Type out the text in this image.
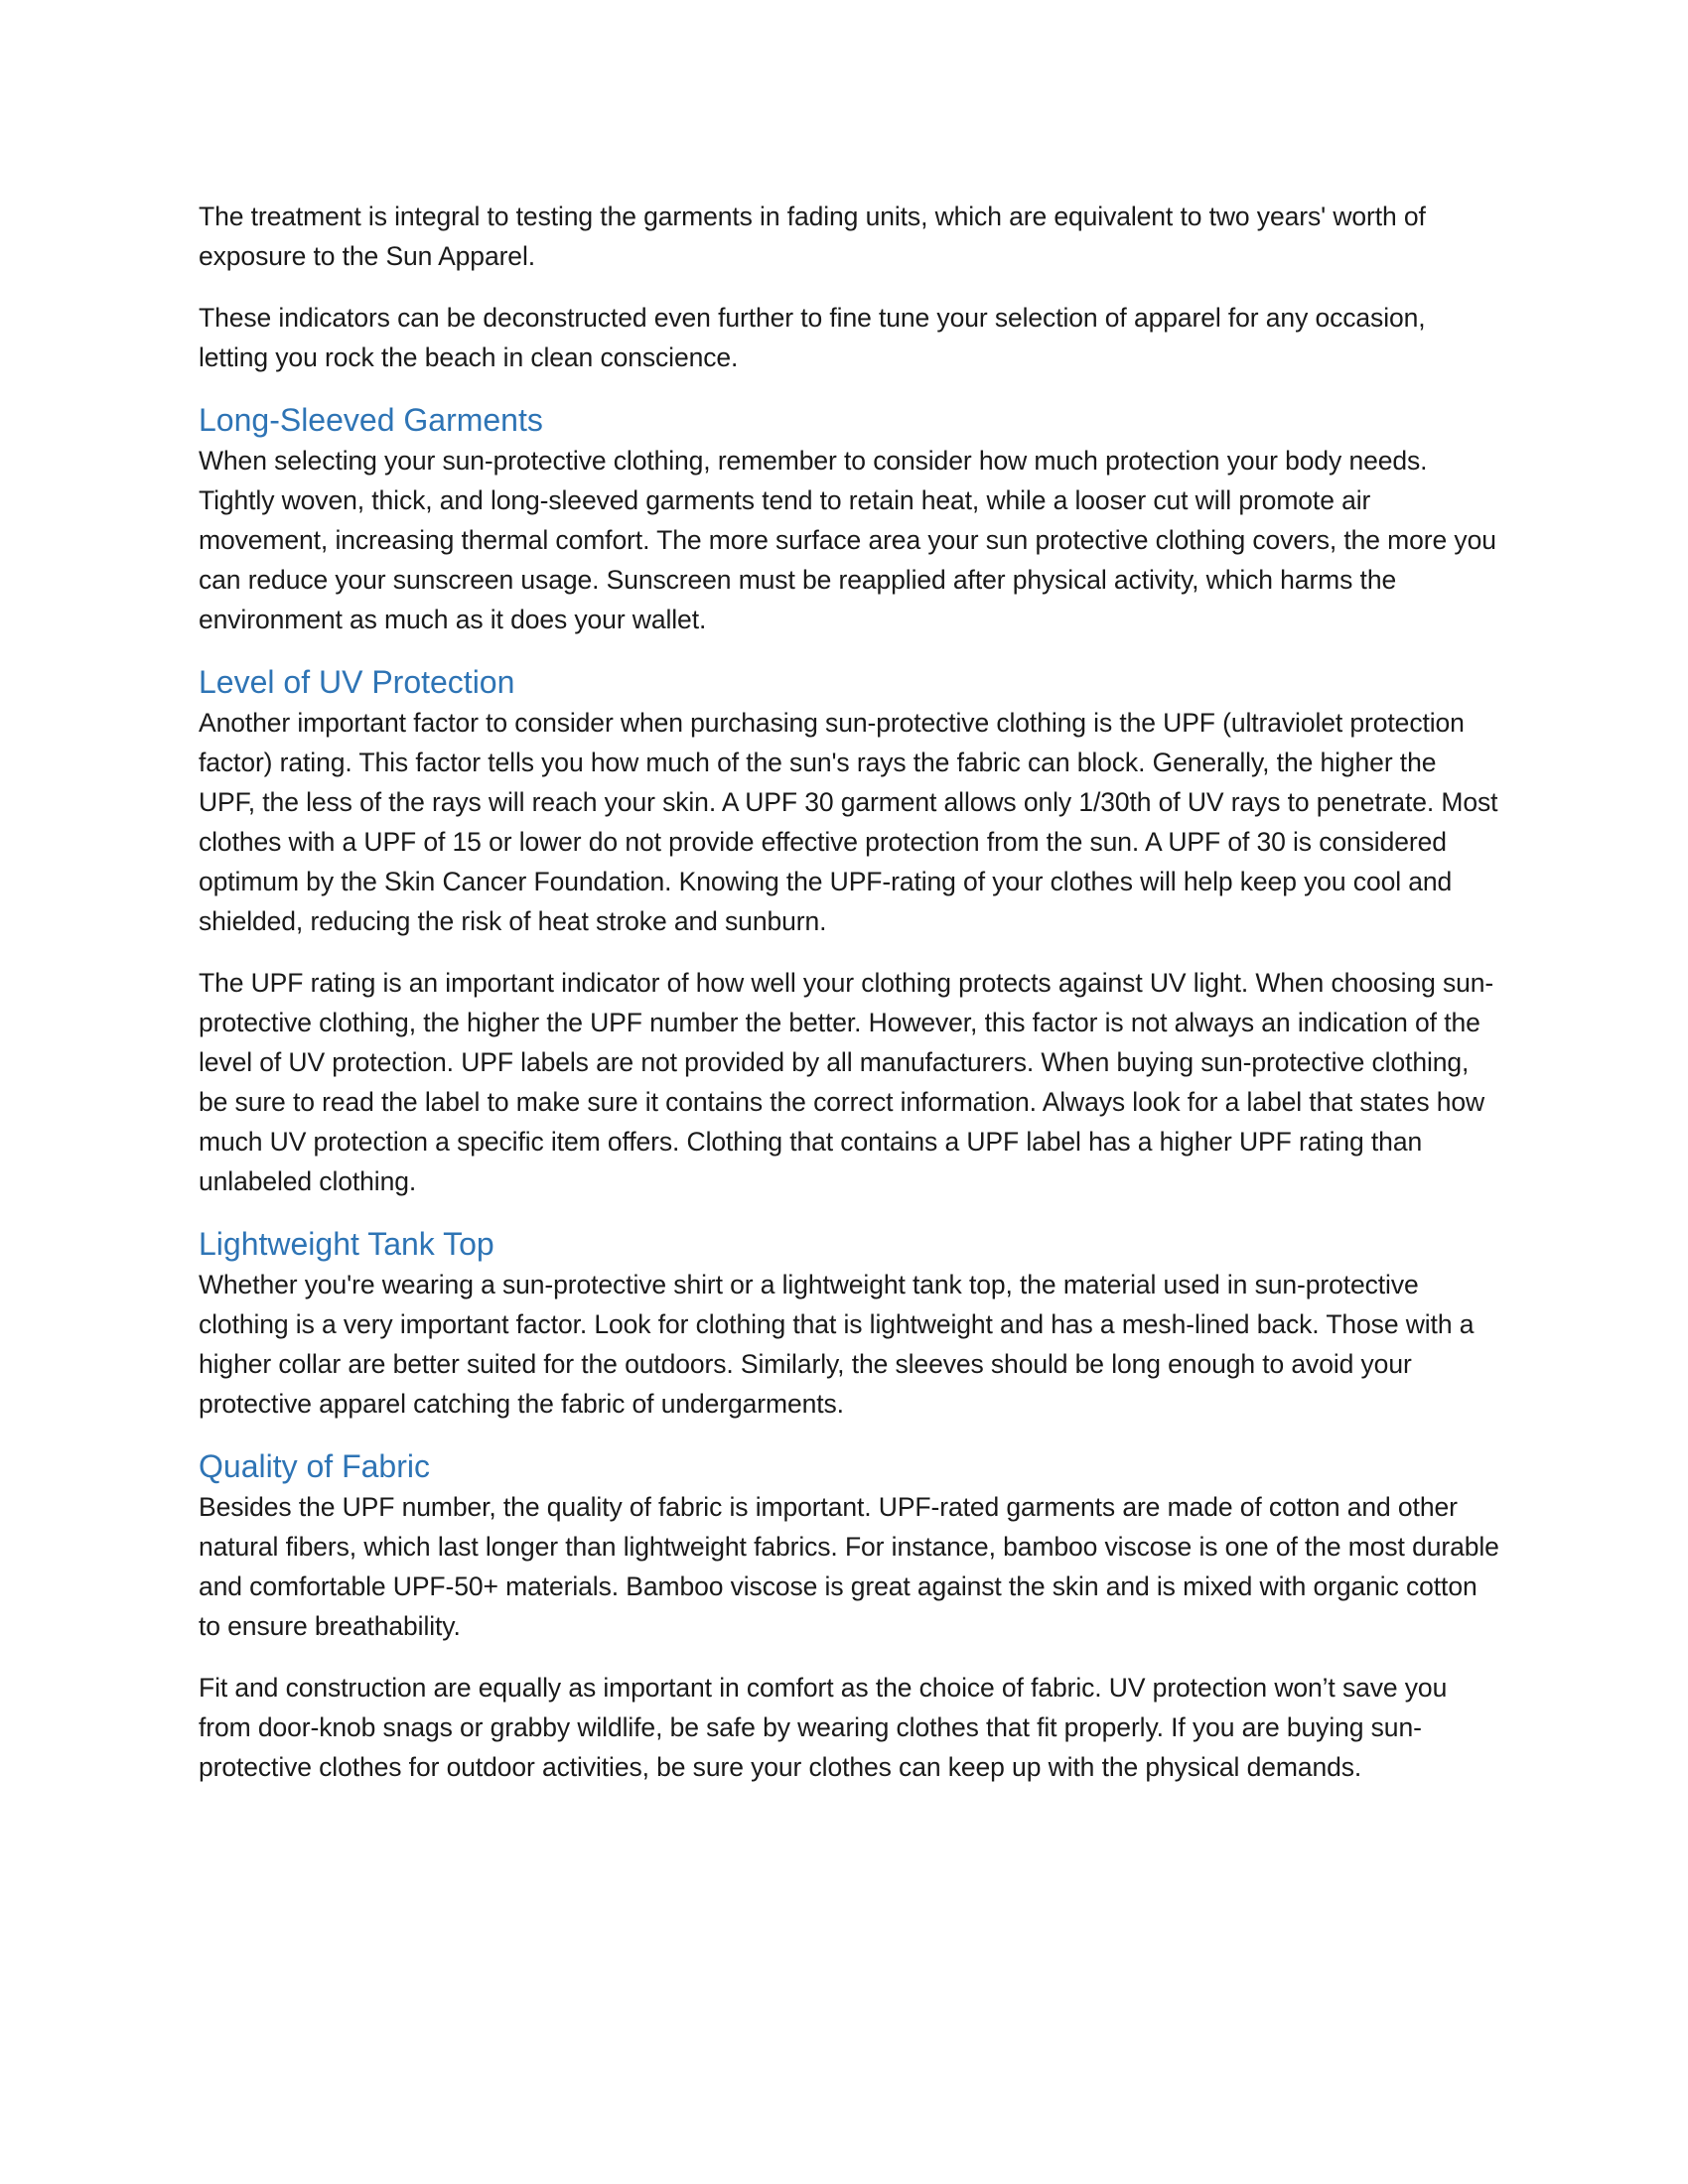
The treatment is integral to testing the garments in fading units, which are equivalent to two years' worth of exposure to the Sun Apparel.

These indicators can be deconstructed even further to fine tune your selection of apparel for any occasion, letting you rock the beach in clean conscience.

Long-Sleeved Garments

When selecting your sun-protective clothing, remember to consider how much protection your body needs. Tightly woven, thick, and long-sleeved garments tend to retain heat, while a looser cut will promote air movement, increasing thermal comfort. The more surface area your sun protective clothing covers, the more you can reduce your sunscreen usage. Sunscreen must be reapplied after physical activity, which harms the environment as much as it does your wallet.

Level of UV Protection

Another important factor to consider when purchasing sun-protective clothing is the UPF (ultraviolet protection factor) rating. This factor tells you how much of the sun's rays the fabric can block. Generally, the higher the UPF, the less of the rays will reach your skin. A UPF 30 garment allows only 1/30th of UV rays to penetrate. Most clothes with a UPF of 15 or lower do not provide effective protection from the sun. A UPF of 30 is considered optimum by the Skin Cancer Foundation. Knowing the UPF-rating of your clothes will help keep you cool and shielded, reducing the risk of heat stroke and sunburn.

The UPF rating is an important indicator of how well your clothing protects against UV light. When choosing sun-protective clothing, the higher the UPF number the better. However, this factor is not always an indication of the level of UV protection. UPF labels are not provided by all manufacturers. When buying sun-protective clothing, be sure to read the label to make sure it contains the correct information. Always look for a label that states how much UV protection a specific item offers. Clothing that contains a UPF label has a higher UPF rating than unlabeled clothing.

Lightweight Tank Top

Whether you're wearing a sun-protective shirt or a lightweight tank top, the material used in sun-protective clothing is a very important factor. Look for clothing that is lightweight and has a mesh-lined back. Those with a higher collar are better suited for the outdoors. Similarly, the sleeves should be long enough to avoid your protective apparel catching the fabric of undergarments.

Quality of Fabric

Besides the UPF number, the quality of fabric is important. UPF-rated garments are made of cotton and other natural fibers, which last longer than lightweight fabrics. For instance, bamboo viscose is one of the most durable and comfortable UPF-50+ materials. Bamboo viscose is great against the skin and is mixed with organic cotton to ensure breathability.

Fit and construction are equally as important in comfort as the choice of fabric. UV protection won’t save you from door-knob snags or grabby wildlife, be safe by wearing clothes that fit properly. If you are buying sun-protective clothes for outdoor activities, be sure your clothes can keep up with the physical demands.
